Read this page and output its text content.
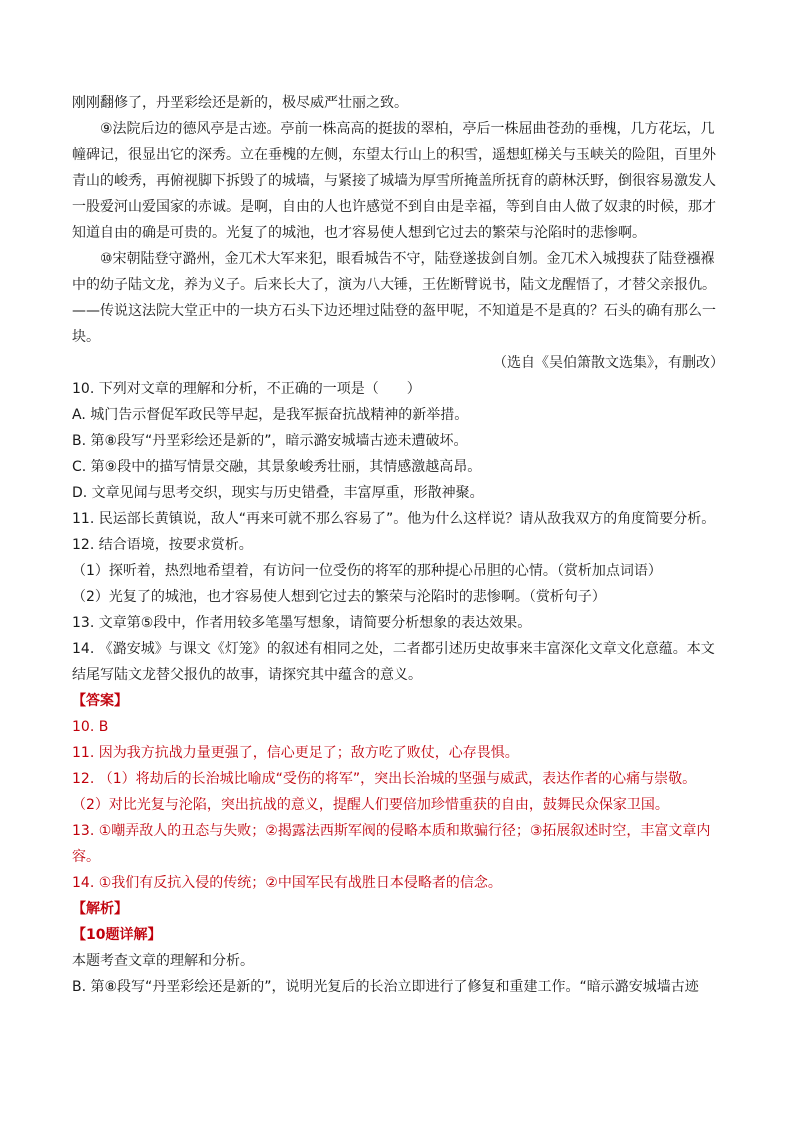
刚刚翻修了，丹垩彩绘还是新的，极尽威严壮丽之致。

⑨法院后边的德风亭是古迹。亭前一株高高的挺拔的翠柏，亭后一株屈曲苍劲的垂槐，几方花坛，几幢碑记，很显出它的深秀。立在垂槐的左侧，东望太行山上的积雪，遥想虹梯关与玉峡关的险阻，百里外青山的峻秀，再俯视脚下拆毁了的城墙，与紧接了城墙为厚雪所掩盖所抚育的蔚林沃野，倒很容易激发人一股爱河山爱国家的赤诚。是啊，自由的人也许感觉不到自由是幸福，等到自由人做了奴隶的时候，那才知道自由的确是可贵的。光复了的城池，也才容易使人想到它过去的繁荣与沦陷时的悲惨啊。

⑩宋朝陆登守潞州，金兀术大军来犯，眼看城告不守，陆登遂拔剑自刎。金兀术入城搜获了陆登襁褓中的幼子陆文龙，养为义子。后来长大了，演为八大锤，王佐断臂说书，陆文龙醒悟了，才替父亲报仇。——传说这法院大堂正中的一块方石头下边还埋过陆登的盔甲呢，不知道是不是真的？石头的确有那么一块。

（选自《吴伯箫散文选集》，有删改）

10. 下列对文章的理解和分析，不正确的一项是（　　）

A. 城门告示督促军政民等早起，是我军振奋抗战精神的新举措。

B. 第⑧段写“丹垩彩绘还是新的”，暗示潞安城墙古迹未遭破坏。

C. 第⑨段中的描写情景交融，其景象峻秀壮丽，其情感激越高昂。

D. 文章见闻与思考交织，现实与历史错叠，丰富厚重，形散神聚。

11. 民运部长黄镇说，敌人“再来可就不那么容易了”。他为什么这样说？请从敌我双方的角度简要分析。

12. 结合语境，按要求赏析。

（1）探听着，热烈地希望着，有访问一位受伤的将军的那种提心吊胆的心情。（赏析加点词语）

（2）光复了的城池，也才容易使人想到它过去的繁荣与沦陷时的悲惨啊。（赏析句子）

13. 文章第⑤段中，作者用较多笔墨写想象，请简要分析想象的表达效果。

14. 《潞安城》与课文《灯笼》的叙述有相同之处，二者都引述历史故事来丰富深化文章文化意蕴。本文结尾写陆文龙替父报仇的故事，请探究其中蕴含的意义。

【答案】

10. B

11. 因为我方抗战力量更强了，信心更足了；敌方吃了败仗，心存畏惧。

12. （1）将劫后的长治城比喻成“受伤的将军”，突出长治城的坚强与威武，表达作者的心痛与崇敬。

（2）对比光复与沦陷，突出抗战的意义，提醒人们要倍加珍惜重获的自由，鼓舞民众保家卫国。

13. ①嘲弄敌人的丑态与失败；②揭露法西斯军阀的侵略本质和欺骗行径；③拓展叙述时空，丰富文章内容。

14. ①我们有反抗入侵的传统；②中国军民有战胜日本侵略者的信念。

【解析】

【10题详解】

本题考查文章的理解和分析。

B. 第⑧段写“丹垩彩绘还是新的”，说明光复后的长治立即进行了修复和重建工作。“暗示潞安城墙古迹
